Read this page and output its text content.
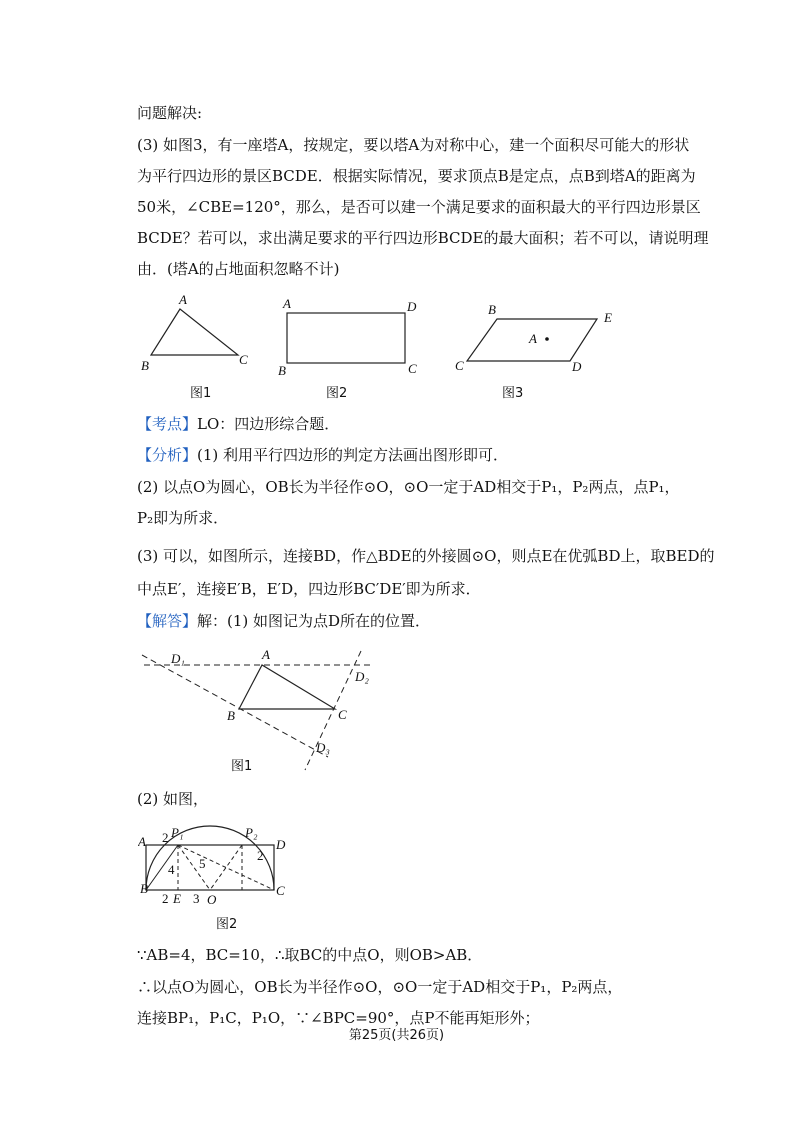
问题解决:
(3) 如图3，有一座塔A，按规定，要以塔A为对称中心，建一个面积尽可能大的形状
为平行四边形的景区BCDE．根据实际情况，要求顶点B是定点，点B到塔A的距离为
50米，∠CBE=120°，那么，是否可以建一个满足要求的面积最大的平行四边形景区
BCDE？若可以，求出满足要求的平行四边形BCDE的最大面积；若不可以，请说明理
由．(塔A的占地面积忽略不计)
A
B	C
图1
A	D
B	C
图2
B
E
A
C	D
图3
【考点】LO：四边形综合题．
【分析】(1) 利用平行四边形的判定方法画出图形即可．
(2) 以点O为圆心，OB长为半径作⊙O，⊙O一定于AD相交于P₁，P₂两点，点P₁，
P₂即为所求．
(3) 可以，如图所示，连接BD，作△BDE的外接圆⊙O，则点E在优弧BD上，取BED的
中点E′，连接E′B，E′D，四边形BC′DE′即为所求．
【解答】解：(1) 如图记为点D所在的位置．
D₁	A
D₂
B	C
D₃
图1
(2) 如图，
A 2 P₁	P₂
D
4 5
2
B	C
2 E 3 O
图2
∵AB=4，BC=10，∴取BC的中点O，则OB>AB．
∴以点O为圆心，OB长为半径作⊙O，⊙O一定于AD相交于P₁，P₂两点，
连接BP₁，P₁C，P₁O，∵∠BPC=90°，点P不能再矩形外；
第25页(共26页)
